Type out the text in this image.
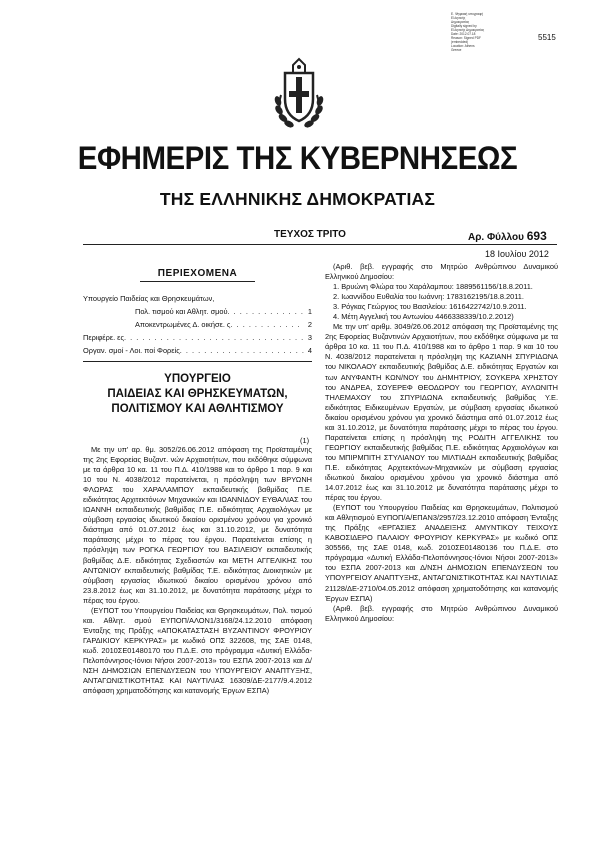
Ε. Ψηφιακή υπογραφή
Ελληνικής
Δημοκρατίας
Digitally signed by
Ελληνικής Δημοκρατίας
Date: 2012.07.18
Reason: Signed PDF
(embedded)
Location: Athens
Greece
5515
ΕΦΗΜΕΡΙΣ ΤΗΣ ΚΥΒΕΡΝΗΣΕΩΣ
ΤΗΣ ΕΛΛΗΝΙΚΗΣ ΔΗΜΟΚΡΑΤΙΑΣ
ΤΕΥΧΟΣ ΤΡΙΤΟ	Αρ. Φύλλου 693
18 Ιουλίου 2012
ΠΕΡΙΕΧΟΜΕΝΑ
Υπουργείο Παιδείας και Θρησκευμάτων,
Πολ. τισμού και Αθλητ. σμού . . .	1
Αποκεντρωμένες Δ. οικήσε. ς . . .	2
Περιφέρε. ες . . .	3
Οργαν. σμοί - Λοι. ποί Φορείς . . .	4
ΥΠΟΥΡΓΕΙΟ
ΠΑΙΔΕΙΑΣ ΚΑΙ ΘΡΗΣΚΕΥΜΑΤΩΝ,
ΠΟΛΙΤΙΣΜΟΥ ΚΑΙ ΑΘΛΗΤΙΣΜΟΥ
(1)

Με την υπ' αρ. θμ. 3052/26.06.2012 απόφαση της Προϊσταμένης της 2ης Εφορείας Βυζαντ. νών Αρχαιοτήτων, που εκδόθηκε σύμφωνα με τα άρθρα 10 κα. 11 του Π.Δ. 410/1988 και το άρθρο 1 παρ. 9 και 10 του Ν. 4038/2012 παρατείνεται, η πρόσληψη των ΒΡΥΩΝΗ ΦΛΩΡΑΣ του ΧΑΡΑΛΑΜΠΟΥ εκπαιδευτικής βαθμίδας Π.Ε. ειδικότητας Αρχιτεκτόνων Μηχανικών και ΙΩΑΝΝΙΔΟΥ ΕΥΘΑΛΙΑΣ του ΙΩΑΝΝΗ εκπαιδευτικής βαθμίδας Π.Ε. ειδικότητας Αρχαιολόγων με σύμβαση εργασίας ιδιωτικού δικαίου ορισμένου χρόνου για χρονικό διάστημα από 01.07.2012 έως και 31.10.2012, με δυνατότητα παράτασης μέχρι το πέρας του έργου. Παρατείνεται επίσης η πρόσληψη των ΡΟΓΚΑ ΓΕΩΡΓΙΟΥ του ΒΑΣΙΛΕΙΟΥ εκπαιδευτικής βαθμίδας Δ.Ε. ειδικότητας Σχεδιαστών και ΜΕΤΗ ΑΓΓΕΛΙΚΗΣ του ΑΝΤΩΝΙΟΥ εκπαιδευτικής βαθμίδας Τ.Ε. ειδικότητας Διοικητικών με σύμβαση εργασίας ιδιωτικού δικαίου ορισμένου χρόνου από 23.8.2012 έως και 31.10.2012, με δυνατότητα παράτασης μέχρι το πέρας του έργου.

(ΕΥΠΟΤ του Υπουργείου Παιδείας και Θρησκευμάτων, Πολ. τισμού και. Αθλητ. σμού ΕΥΠΟΠ/ΑΛΟΝ1/3168/24.12.2010 απόφαση Ένταξης της Πράξης «ΑΠΟΚΑΤΑΣΤΑΣΗ ΒΥΖΑΝΤΙΝΟΥ ΦΡΟΥΡΙΟΥ ΓΑΡΔΙΚΙΟΥ ΚΕΡΚΥΡΑΣ» με κωδικό ΟΠΣ 322608, της ΣΑΕ 0148, κωδ. 2010ΣΕ01480170 του Π.Δ.Ε. στο πρόγραμμα «Δυτική Ελλάδα-Πελοπόννησος-Ιόνιοι Νήσοι 2007-2013» του ΕΣΠΑ 2007-2013 και Δ/ΝΣΗ ΔΗΜΟΣΙΩΝ ΕΠΕΝΔΥΣΕΩΝ του ΥΠΟΥΡΓΕΙΟΥ ΑΝΑΠΤΥΞΗΣ, ΑΝΤΑΓΩΝΙΣΤΙΚΟΤΗΤΑΣ ΚΑΙ ΝΑΥΤΙΛΙΑΣ 16309/ΔΕ-2177/9.4.2012 απόφαση χρηματοδότησης και κατανομής Έργων ΕΣΠΑ)

(Αριθ. βεβ. εγγραφής στο Μητρώο Ανθρώπινου Δυναμικού Ελληνικού Δημοσίου:

1. Βρυώνη Φλώρα του Χαράλαμπου: 1889561156/18.8.2011.

2. Ιωαννίδου Ευθαλία του Ιωάννη: 1783162195/18.8.2011.

3. Ρόγκας Γεώργιος του Βασιλείου: 1616422742/10.9.2011.

4. Μέτη Αγγελική του Αντωνίου 4466338339/10.2.2012)

Με την υπ' αριθμ. 3049/26.06.2012 απόφαση της Προϊσταμένης της 2ης Εφορείας Βυζαντινών Αρχαιοτήτων, που εκδόθηκε σύμφωνα με τα άρθρα 10 κα. 11 του Π.Δ. 410/1988 και το άρθρο 1 παρ. 9 και 10 του Ν. 4038/2012 παρατείνεται η πρόσληψη της ΚΑΖΙΑΝΗ ΣΠΥΡΙΔΩΝΑ του ΝΙΚΟΛΑΟΥ εκπαιδευτικής βαθμίδας Δ.Ε. ειδικότητας Εργατών και των ΑΝΥΦΑΝΤΗ ΚΩΝ/ΝΟΥ του ΔΗΜΗΤΡΙΟΥ, ΣΟΥΚΕΡΑ ΧΡΗΣΤΟΥ του ΑΝΔΡΕΑ, ΣΟΥΕΡΕΦ ΘΕΟΔΩΡΟΥ του ΓΕΩΡΓΙΟΥ, ΑΥΛΩΝΙΤΗ ΤΗΛΕΜΑΧΟΥ του ΣΠΥΡΙΔΩΝΑ εκπαιδευτικής βαθμίδας Υ.Ε. ειδικότητας Ειδικευμένων Εργατών, με σύμβαση εργασίας ιδιωτικού δικαίου ορισμένου χρόνου για χρονικό διάστημα από 01.07.2012 έως και 31.10.2012, με δυνατότητα παράτασης μέχρι το πέρας του έργου. Παρατείνεται επίσης η πρόσληψη της ΡΟΔΙΤΗ ΑΓΓΕΛΙΚΗΣ του ΓΕΩΡΓΙΟΥ εκπαιδευτικής βαθμίδας Π.Ε. ειδικότητας Αρχαιολόγων και του ΜΠΙΡΜΠΙΤΗ ΣΤΥΛΙΑΝΟΥ του ΜΙΛΤΙΑΔΗ εκπαιδευτικής βαθμίδας Π.Ε. ειδικότητας Αρχιτεκτόνων-Μηχανικών με σύμβαση εργασίας ιδιωτικού δικαίου ορισμένου χρόνου για χρονικό διάστημα από 14.07.2012 έως και 31.10.2012 με δυνατότητα παράτασης μέχρι το πέρας του έργου.

(ΕΥΠΟΤ του Υπουργείου Παιδείας και Θρησκευμάτων, Πολιτισμού και Αθλητισμού ΕΥΠΟΠ/Α/ΕΠΑΝ3/2957/23.12.2010 απόφαση Ένταξης της Πράξης «ΕΡΓΑΣΙΕΣ ΑΝΑΔΕΙΞΗΣ ΑΜΥΝΤΙΚΟΥ ΤΕΙΧΟΥΣ ΚΑΒΟΣΙΔΕΡΟ ΠΑΛΑΙΟΥ ΦΡΟΥΡΙΟΥ ΚΕΡΚΥΡΑΣ» με κωδικό ΟΠΣ 305566, της ΣΑΕ 0148, κωδ. 2010ΣΕ01480136 του Π.Δ.Ε. στο πρόγραμμα «Δυτική Ελλάδα-Πελοπόννησος-Ιόνιοι Νήσοι 2007-2013» του ΕΣΠΑ 2007-2013 και Δ/ΝΣΗ ΔΗΜΟΣΙΩΝ ΕΠΕΝΔΥΣΕΩΝ του ΥΠΟΥΡΓΕΙΟΥ ΑΝΑΠΤΥΞΗΣ, ΑΝΤΑΓΩΝΙΣΤΙΚΟΤΗΤΑΣ ΚΑΙ ΝΑΥΤΙΛΙΑΣ 21128/ΔΕ-2710/04.05.2012 απόφαση χρηματοδότησης και κατανομής Έργων ΕΣΠΑ)

(Αριθ. βεβ. εγγραφής στο Μητρώο Ανθρώπινου Δυναμικού Ελληνικού Δημοσίου:
